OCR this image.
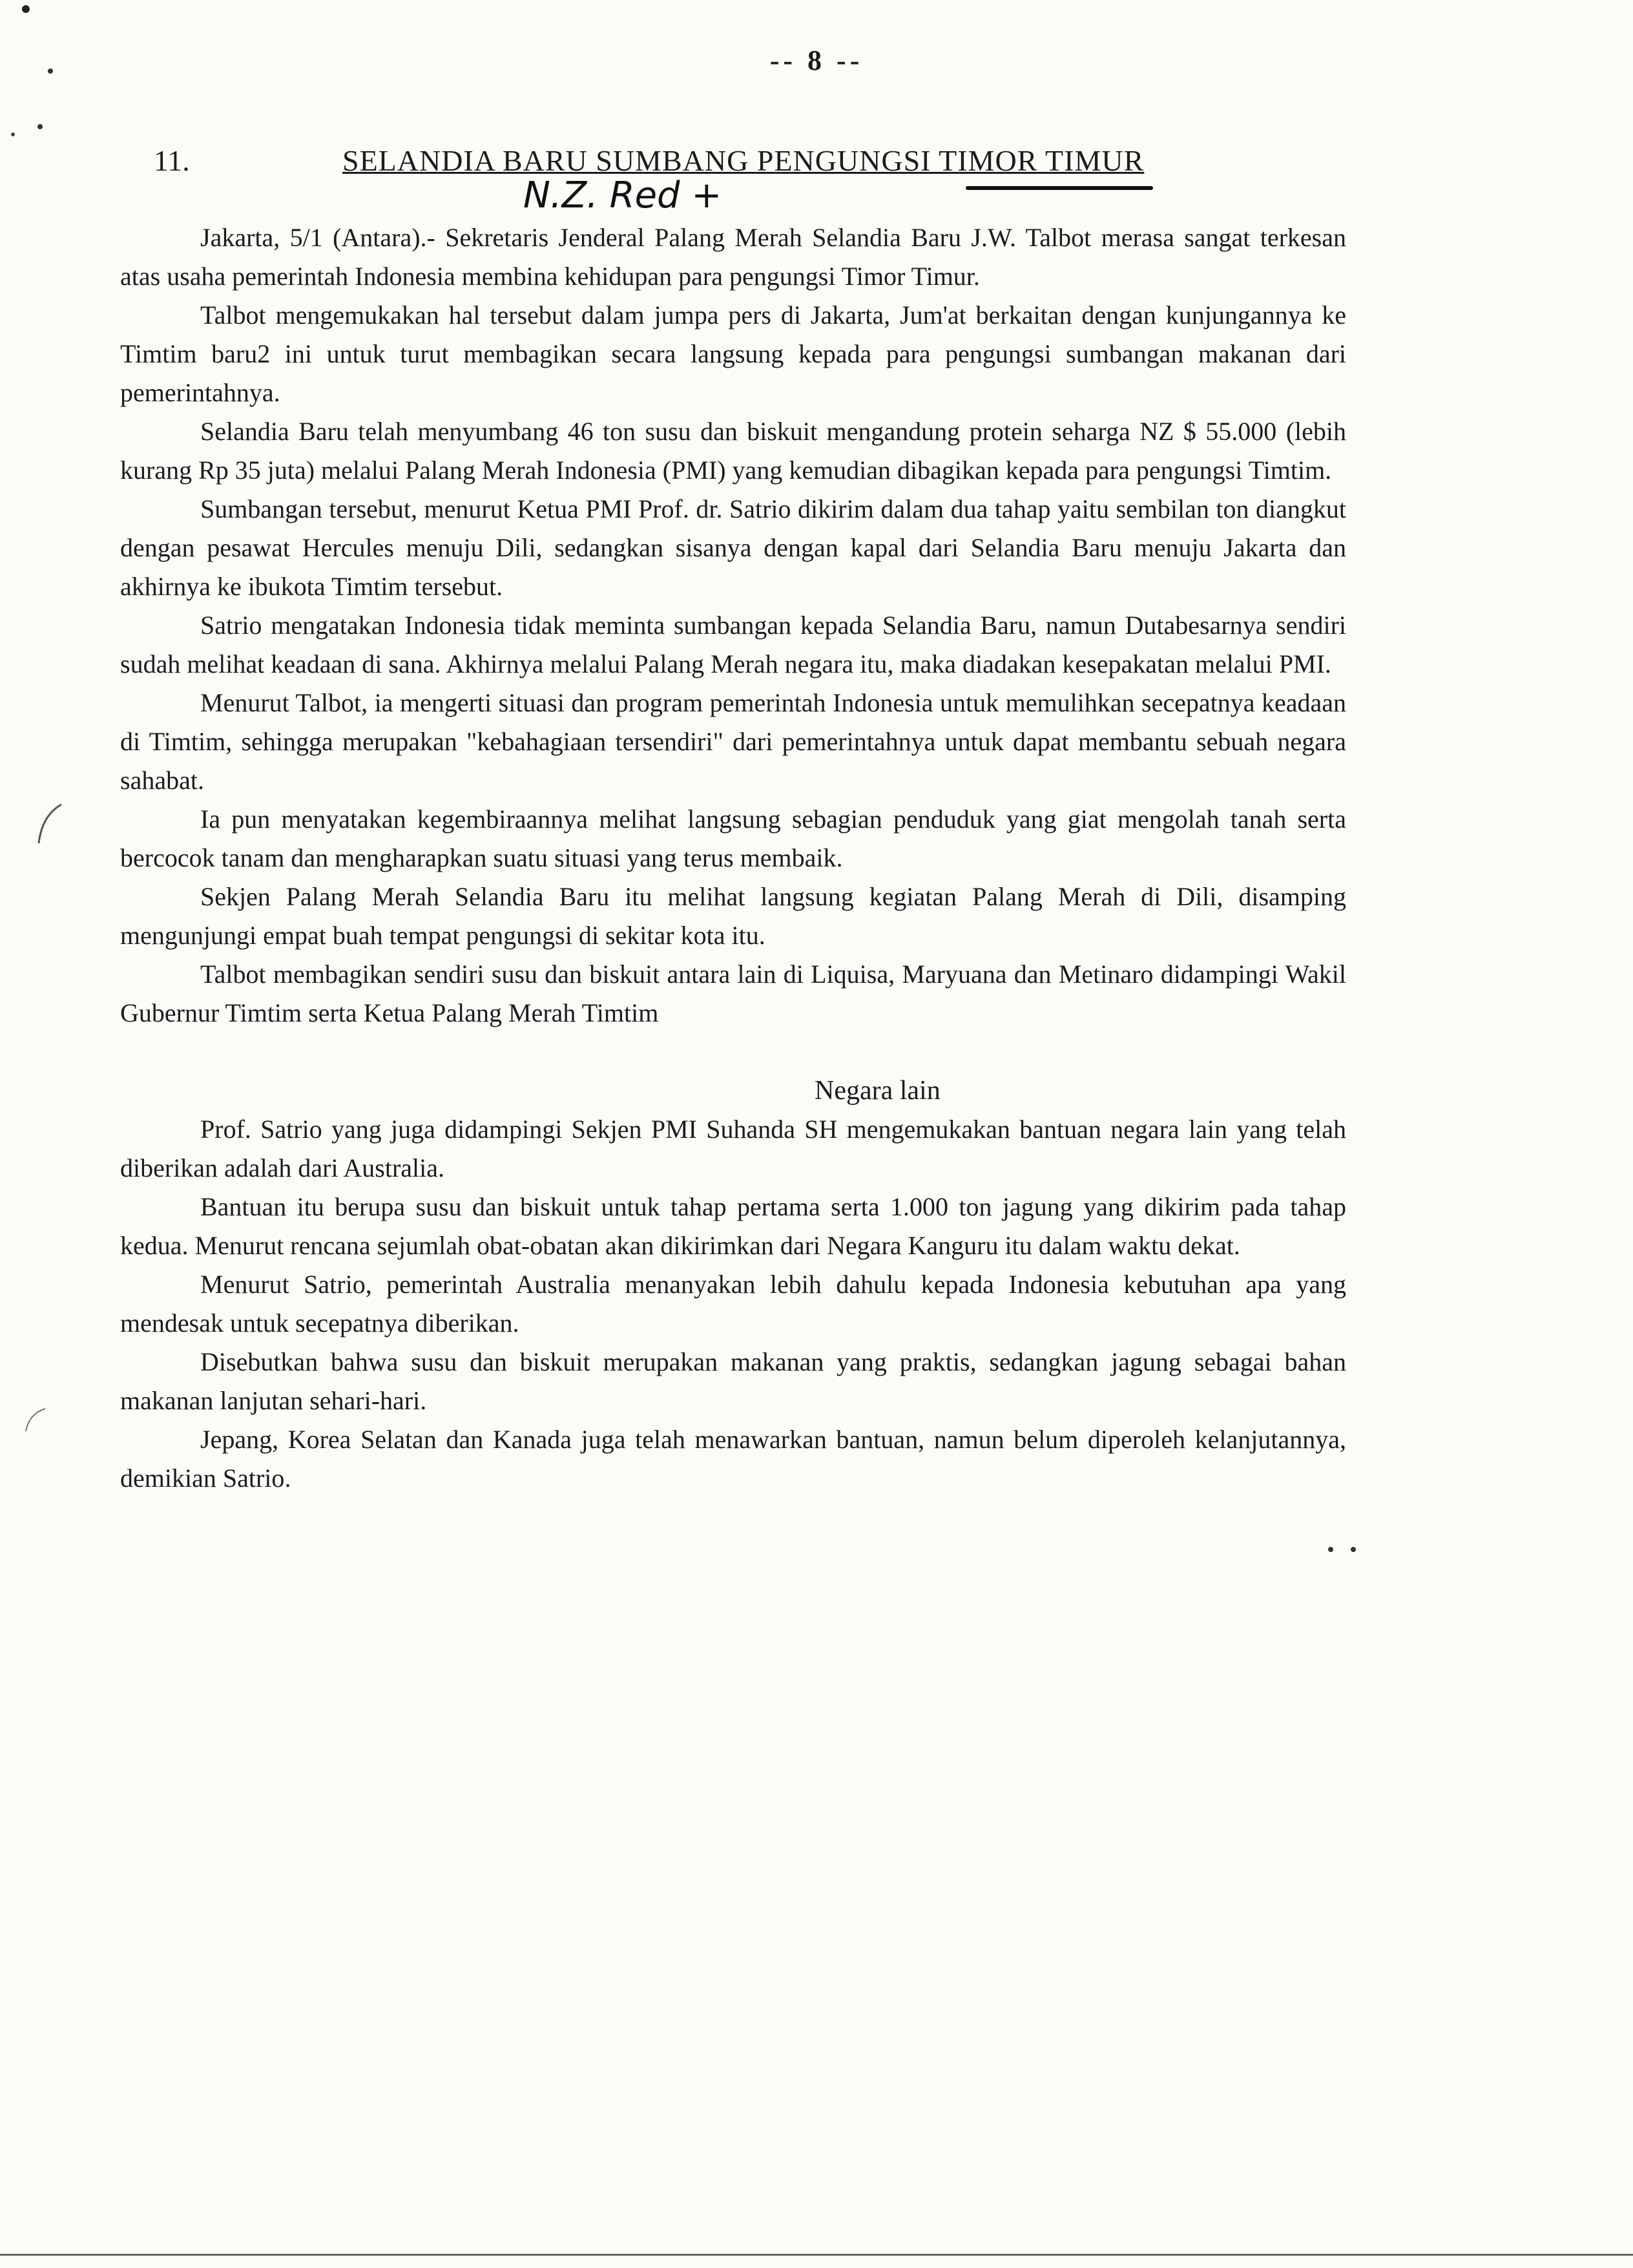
-- 8 --
11.	SELANDIA BARU SUMBANG PENGUNGSI TIMOR TIMUR
N.Z. Red +

Jakarta, 5/1 (Antara).- Sekretaris Jenderal Palang Merah Selandia Baru J.W. Talbot merasa sangat terkesan atas usaha pemerintah Indonesia membina kehidupan para pengungsi Timor Timur.

Talbot mengemukakan hal tersebut dalam jumpa pers di Jakarta, Jum'at berkaitan dengan kunjungannya ke Timtim baru2 ini untuk turut membagikan secara langsung kepada para pengungsi sumbangan makanan dari pemerintahnya.

Selandia Baru telah menyumbang 46 ton susu dan biskuit mengandung protein seharga NZ $ 55.000 (lebih kurang Rp 35 juta) melalui Palang Merah Indonesia (PMI) yang kemudian dibagikan kepada para pengungsi Timtim.

Sumbangan tersebut, menurut Ketua PMI Prof. dr. Satrio dikirim dalam dua tahap yaitu sembilan ton diangkut dengan pesawat Hercules menuju Dili, sedangkan sisanya dengan kapal dari Selandia Baru menuju Jakarta dan akhirnya ke ibukota Timtim tersebut.

Satrio mengatakan Indonesia tidak meminta sumbangan kepada Selandia Baru, namun Dutabesarnya sendiri sudah melihat keadaan di sana. Akhirnya melalui Palang Merah negara itu, maka diadakan kesepakatan melalui PMI.

Menurut Talbot, ia mengerti situasi dan program pemerintah Indonesia untuk memulihkan secepatnya keadaan di Timtim, sehingga merupakan "kebahagiaan tersendiri" dari pemerintahnya untuk dapat membantu sebuah negara sahabat.

Ia pun menyatakan kegembiraannya melihat langsung sebagian penduduk yang giat mengolah tanah serta bercocok tanam dan mengharapkan suatu situasi yang terus membaik.

Sekjen Palang Merah Selandia Baru itu melihat langsung kegiatan Palang Merah di Dili, disamping mengunjungi empat buah tempat pengungsi di sekitar kota itu.

Talbot membagikan sendiri susu dan biskuit antara lain di Liquisa, Maryuana dan Metinaro didampingi Wakil Gubernur Timtim serta Ketua Palang Merah Timtim

Negara lain

Prof. Satrio yang juga didampingi Sekjen PMI Suhanda SH mengemukakan bantuan negara lain yang telah diberikan adalah dari Australia.

Bantuan itu berupa susu dan biskuit untuk tahap pertama serta 1.000 ton jagung yang dikirim pada tahap kedua. Menurut rencana sejumlah obat-obatan akan dikirimkan dari Negara Kanguru itu dalam waktu dekat.

Menurut Satrio, pemerintah Australia menanyakan lebih dahulu kepada Indonesia kebutuhan apa yang mendesak untuk secepatnya diberikan.

Disebutkan bahwa susu dan biskuit merupakan makanan yang praktis, sedangkan jagung sebagai bahan makanan lanjutan sehari-hari.

Jepang, Korea Selatan dan Kanada juga telah menawarkan bantuan, namun belum diperoleh kelanjutannya, demikian Satrio.
